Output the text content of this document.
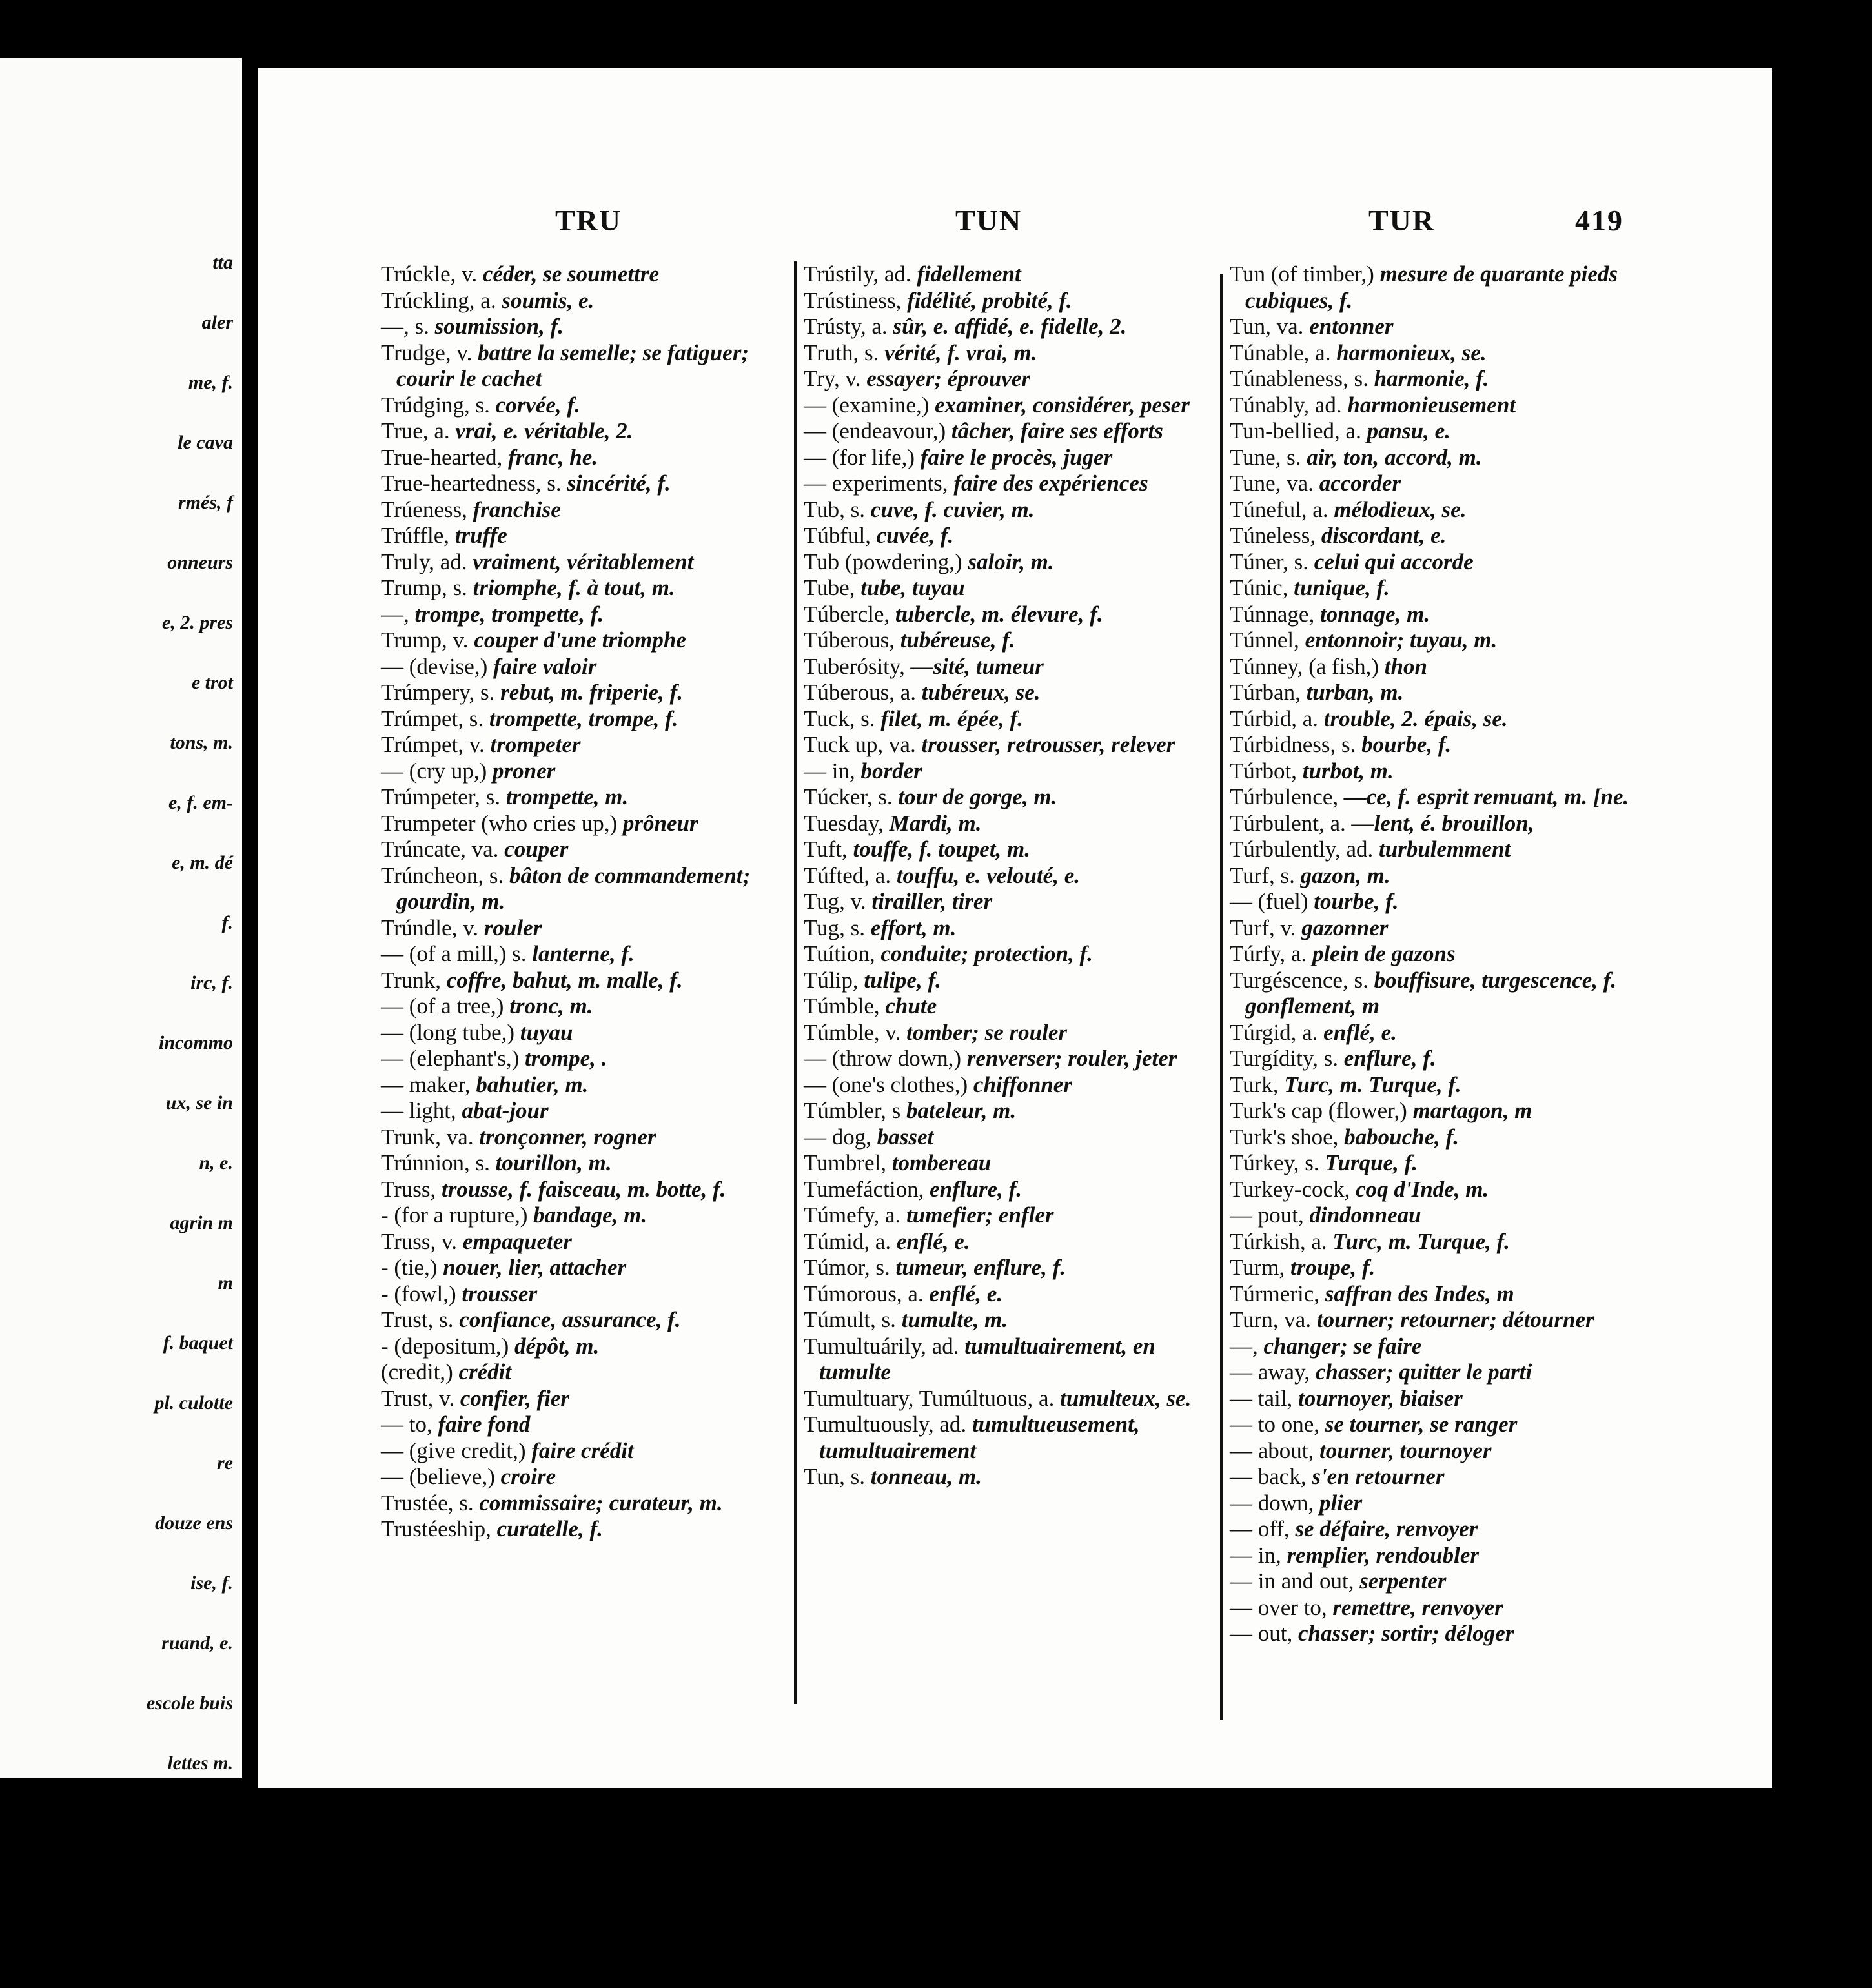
tta
aler
me, f.
le cava
rmés, f
onneurs
e, 2. pres
e trot
tons, m.
e, f. em-
e, m. dé
f.
irc, f.
incommo
ux, se in
n, e.
agrin m
m
f. baquet
pl. culotte
re
douze ens
ise, f.
ruand, e.
escole buis
lettes m.
TRU	TUN	TUR	419
Trúckle, v. céder, se soumettre
Trúckling, a. soumis, e.
—, s. soumission, f.
Trudge, v. battre la semelle; se fatiguer; courir le cachet
Trúdging, s. corvée, f.
True, a. vrai, e. véritable, 2.
True-hearted, franc, he.
True-heartedness, s. sincérité, f.
Trúeness, franchise
Trúffle, truffe
Truly, ad. vraiment, véritablement
Trump, s. triomphe, f. à tout, m.
—, trompe, trompette, f.
Trump, v. couper d'une triomphe
— (devise,) faire valoir
Trúmpery, s. rebut, m. friperie, f.
Trúmpet, s. trompette, trompe, f.
Trúmpet, v. trompeter
— (cry up,) proner
Trúmpeter, s. trompette, m.
Trumpeter (who cries up,) prôneur
Trúncate, va. couper
Trúncheon, s. bâton de commandement; gourdin, m.
Trúndle, v. rouler
— (of a mill,) s. lanterne, f.
Trunk, coffre, bahut, m. malle, f.
— (of a tree,) tronc, m.
— (long tube,) tuyau
— (elephant's,) trompe, .
— maker, bahutier, m.
— light, abat-jour
Trunk, va. tronçonner, rogner
Trúnnion, s. tourillon, m.
Truss, trousse, f. faisceau, m. botte, f.
- (for a rupture,) bandage, m.
Truss, v. empaqueter
- (tie,) nouer, lier, attacher
- (fowl,) trousser
Trust, s. confiance, assurance, f.
- (depositum,) dépôt, m.
(credit,) crédit
Trust, v. confier, fier
— to, faire fond
— (give credit,) faire crédit
— (believe,) croire
Trustée, s. commissaire; curateur, m.
Trustéeship, curatelle, f.
Trústily, ad. fidellement
Trústiness, fidélité, probité, f.
Trústy, a. sûr, e. affidé, e. fidelle, 2.
Truth, s. vérité, f. vrai, m.
Try, v. essayer; éprouver
— (examine,) examiner, considérer, peser
— (endeavour,) tâcher, faire ses efforts
— (for life,) faire le procès, juger
— experiments, faire des expériences
Tub, s. cuve, f. cuvier, m.
Túbful, cuvée, f.
Tub (powdering,) saloir, m.
Tube, tube, tuyau
Túbercle, tubercle, m. élevure, f.
Túberous, tubéreuse, f.
Tuberósity, —sité, tumeur
Túberous, a. tubéreux, se.
Tuck, s. filet, m. épée, f.
Tuck up, va. trousser, retrousser, relever
— in, border
Túcker, s. tour de gorge, m.
Tuesday, Mardi, m.
Tuft, touffe, f. toupet, m.
Túfted, a. touffu, e. velouté, e.
Tug, v. tirailler, tirer
Tug, s. effort, m.
Tuítion, conduite; protection, f.
Túlip, tulipe, f.
Túmble, chute
Túmble, v. tomber; se rouler
— (throw down,) renverser; rouler, jeter
— (one's clothes,) chiffonner
Túmbler, s bateleur, m.
— dog, basset
Tumbrel, tombereau
Tumefáction, enflure, f.
Túmefy, a. tumefier; enfler
Túmid, a. enflé, e.
Túmor, s. tumeur, enflure, f.
Túmorous, a. enflé, e.
Túmult, s. tumulte, m.
Tumultuárily, ad. tumultuairement, en tumulte
Tumultuary, Tumúltuous, a. tumulteux, se.
Tumultuously, ad. tumultueusement, tumultuairement
Tun, s. tonneau, m.
Tun (of timber,) mesure de quarante pieds cubiques, f.
Tun, va. entonner
Túnable, a. harmonieux, se.
Túnableness, s. harmonie, f.
Túnably, ad. harmonieusement
Tun-bellied, a. pansu, e.
Tune, s. air, ton, accord, m.
Tune, va. accorder
Túneful, a. mélodieux, se.
Túneless, discordant, e.
Túner, s. celui qui accorde
Túnic, tunique, f.
Túnnage, tonnage, m.
Túnnel, entonnoir; tuyau, m.
Túnney, (a fish,) thon
Túrban, turban, m.
Túrbid, a. trouble, 2. épais, se.
Túrbidness, s. bourbe, f.
Túrbot, turbot, m.
Túrbulence, —ce, f. esprit remuant, m. [ne.
Túrbulent, a. —lent, é. brouillon,
Túrbulently, ad. turbulemment
Turf, s. gazon, m.
— (fuel) tourbe, f.
Turf, v. gazonner
Túrfy, a. plein de gazons
Turgéscence, s. bouffisure, turgescence, f. gonflement, m
Túrgid, a. enflé, e.
Turgídity, s. enflure, f.
Turk, Turc, m. Turque, f.
Turk's cap (flower,) martagon, m
Turk's shoe, babouche, f.
Túrkey, s. Turque, f.
Turkey-cock, coq d'Inde, m.
— pout, dindonneau
Túrkish, a. Turc, m. Turque, f.
Turm, troupe, f.
Túrmeric, saffran des Indes, m
Turn, va. tourner; retourner; détourner
—, changer; se faire
— away, chasser; quitter le parti
— tail, tournoyer, biaiser
— to one, se tourner, se ranger
— about, tourner, tournoyer
— back, s'en retourner
— down, plier
— off, se défaire, renvoyer
— in, remplier, rendoubler
— in and out, serpenter
— over to, remettre, renvoyer
— out, chasser; sortir; déloger
